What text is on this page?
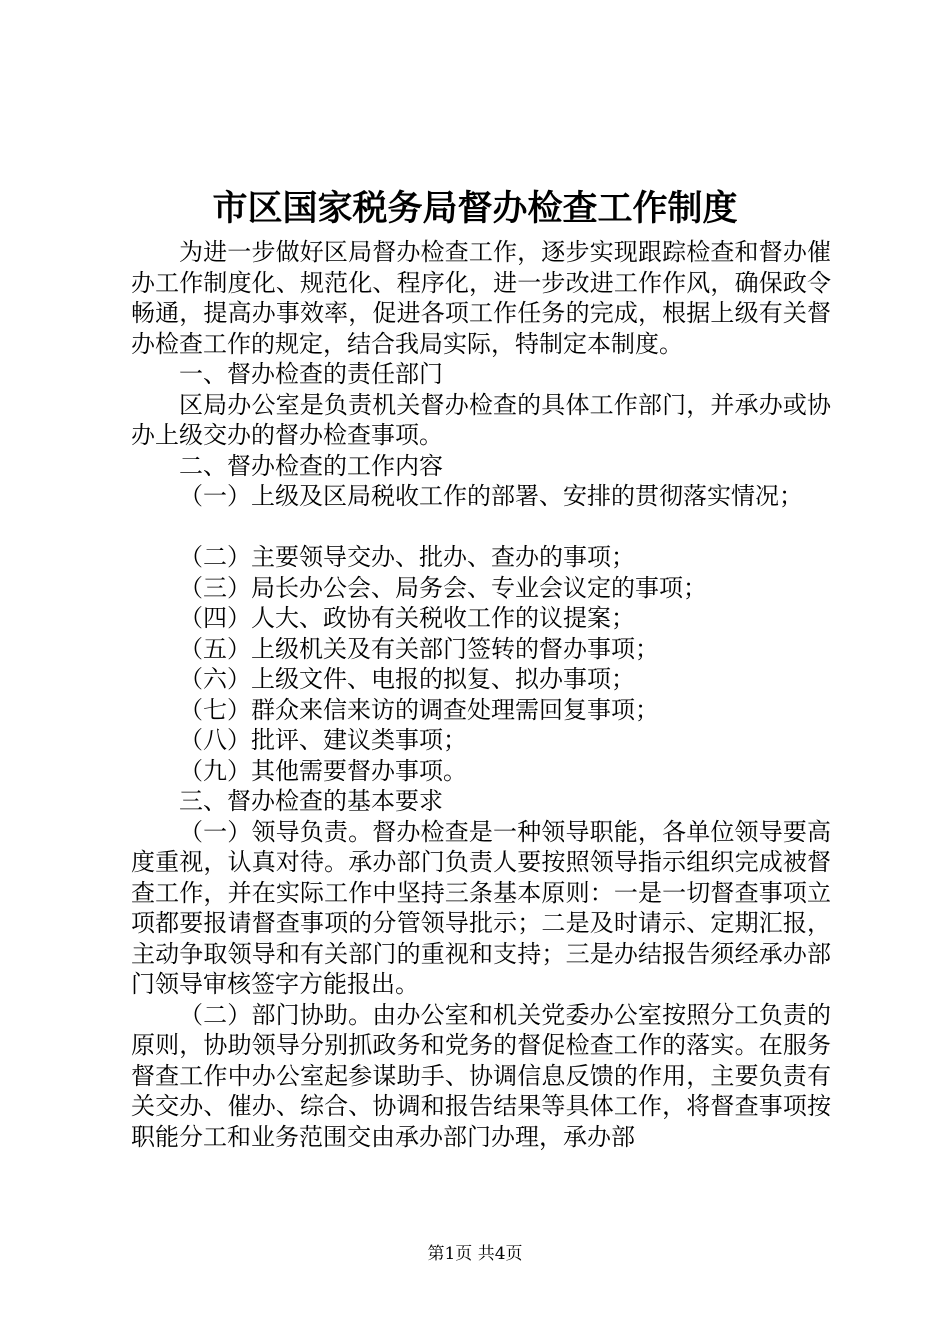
市区国家税务局督办检查工作制度

为进一步做好区局督办检查工作，逐步实现跟踪检查和督办催办工作制度化、规范化、程序化，进一步改进工作作风，确保政令畅通，提高办事效率，促进各项工作任务的完成，根据上级有关督办检查工作的规定，结合我局实际，特制定本制度。

一、督办检查的责任部门

区局办公室是负责机关督办检查的具体工作部门，并承办或协办上级交办的督办检查事项。

二、督办检查的工作内容

（一）上级及区局税收工作的部署、安排的贯彻落实情况；

（二）主要领导交办、批办、查办的事项；

（三）局长办公会、局务会、专业会议定的事项；

（四）人大、政协有关税收工作的议提案；

（五）上级机关及有关部门签转的督办事项；

（六）上级文件、电报的拟复、拟办事项；

（七）群众来信来访的调查处理需回复事项；

（八）批评、建议类事项；

（九）其他需要督办事项。

三、督办检查的基本要求

（一）领导负责。督办检查是一种领导职能，各单位领导要高度重视，认真对待。承办部门负责人要按照领导指示组织完成被督查工作，并在实际工作中坚持三条基本原则：一是一切督查事项立项都要报请督查事项的分管领导批示；二是及时请示、定期汇报，主动争取领导和有关部门的重视和支持；三是办结报告须经承办部门领导审核签字方能报出。

（二）部门协助。由办公室和机关党委办公室按照分工负责的原则，协助领导分别抓政务和党务的督促检查工作的落实。在服务督查工作中办公室起参谋助手、协调信息反馈的作用，主要负责有关交办、催办、综合、协调和报告结果等具体工作，将督查事项按职能分工和业务范围交由承办部门办理，承办部

第1页 共4页
